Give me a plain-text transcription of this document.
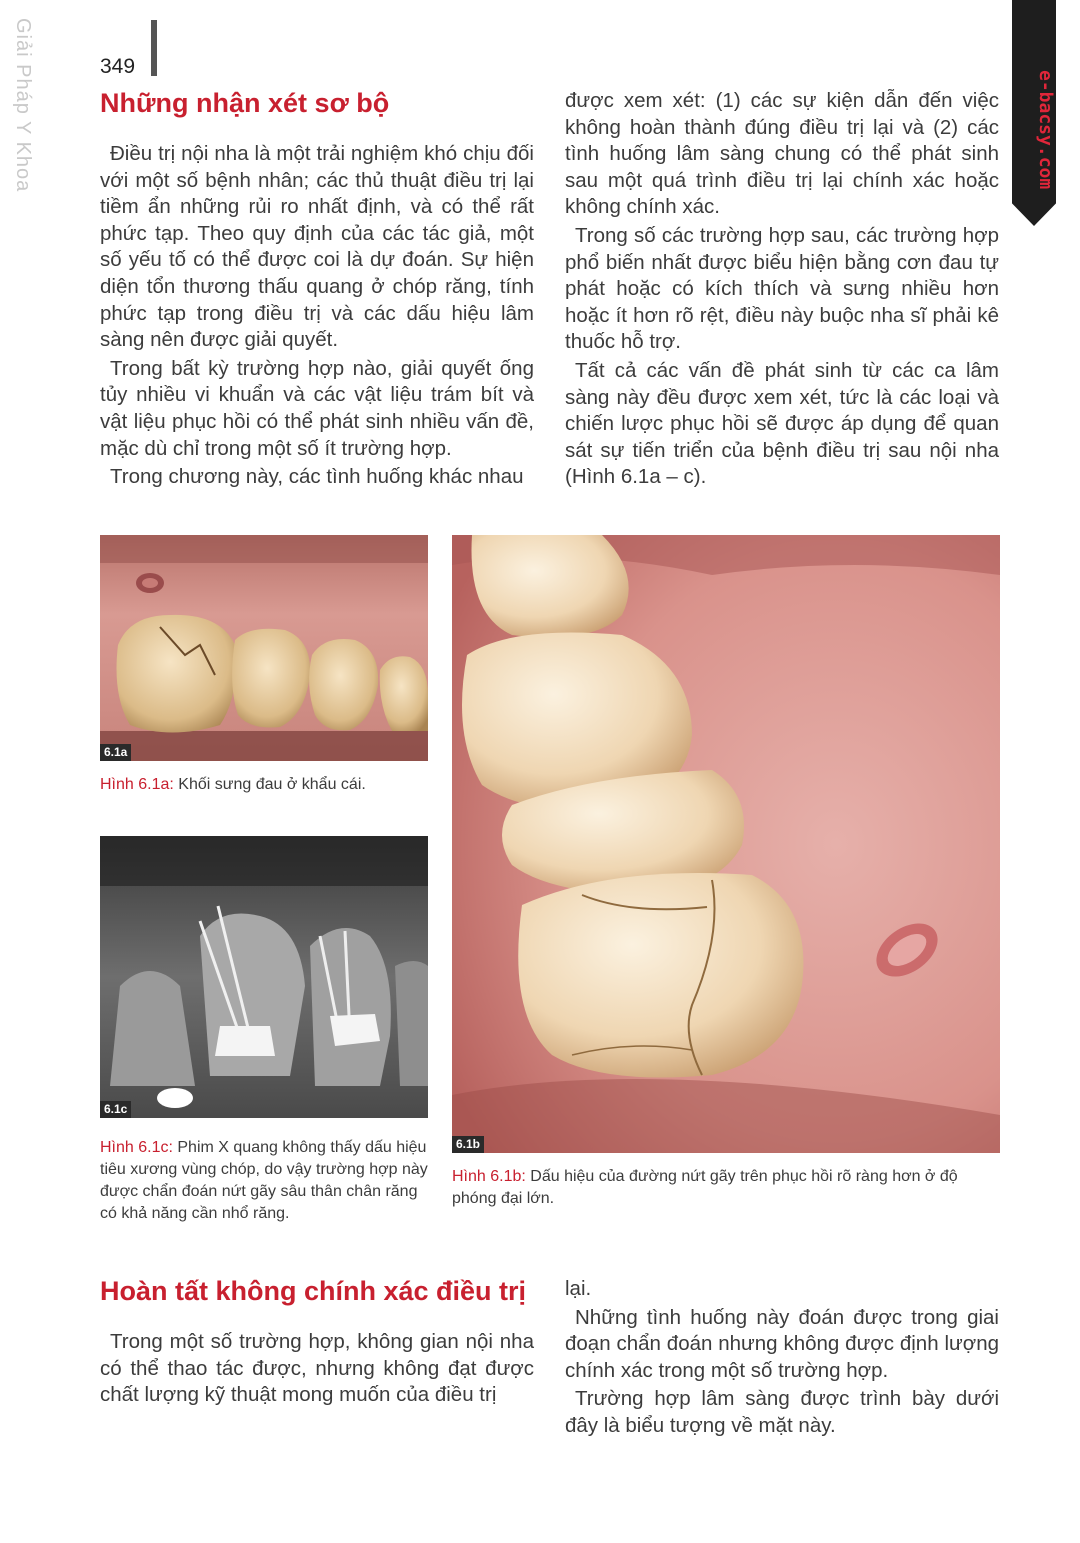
Giải Pháp Y Khoa	349
e-bacsy.com
Những nhận xét sơ bộ

Điều trị nội nha là một trải nghiệm khó chịu đối với một số bệnh nhân; các thủ thuật điều trị lại tiềm ẩn những rủi ro nhất định, và có thể rất phức tạp. Theo quy định của các tác giả, một số yếu tố có thể được coi là dự đoán. Sự hiện diện tổn thương thấu quang ở chóp răng, tính phức tạp trong điều trị và các dấu hiệu lâm sàng nên được giải quyết.

Trong bất kỳ trường hợp nào, giải quyết ống tủy nhiều vi khuẩn và các vật liệu trám bít và vật liệu phục hồi có thể phát sinh nhiều vấn đề, mặc dù chỉ trong một số ít trường hợp.

Trong chương này, các tình huống khác nhau

được xem xét: (1) các sự kiện dẫn đến việc không hoàn thành đúng điều trị lại và (2) các tình huống lâm sàng chung có thể phát sinh sau một quá trình điều trị lại chính xác hoặc không chính xác.

Trong số các trường hợp sau, các trường hợp phổ biến nhất được biểu hiện bằng cơn đau tự phát hoặc có kích thích và sưng nhiều hơn hoặc ít hơn rõ rệt, điều này buộc nha sĩ phải kê thuốc hỗ trợ.

Tất cả các vấn đề phát sinh từ các ca lâm sàng này đều được xem xét, tức là các loại và chiến lược phục hồi sẽ được áp dụng để quan sát sự tiến triển của bệnh điều trị sau nội nha (Hình 6.1a – c).

6.1a
Hình 6.1a: Khối sưng đau ở khẩu cái.
6.1c
Hình 6.1c: Phim X quang không thấy dấu hiệu tiêu xương vùng chóp, do vậy trường hợp này được chẩn đoán nứt gãy sâu thân chân răng có khả năng cần nhổ răng.
6.1b
Hình 6.1b: Dấu hiệu của đường nứt gãy trên phục hồi rõ ràng hơn ở độ phóng đại lớn.
Hoàn tất không chính xác điều trị

Trong một số trường hợp, không gian nội nha có thể thao tác được, nhưng không đạt được chất lượng kỹ thuật mong muốn của điều trị

lại.

Những tình huống này đoán được trong giai đoạn chẩn đoán nhưng không được định lượng chính xác trong một số trường hợp.

Trường hợp lâm sàng được trình bày dưới đây là biểu tượng về mặt này.
